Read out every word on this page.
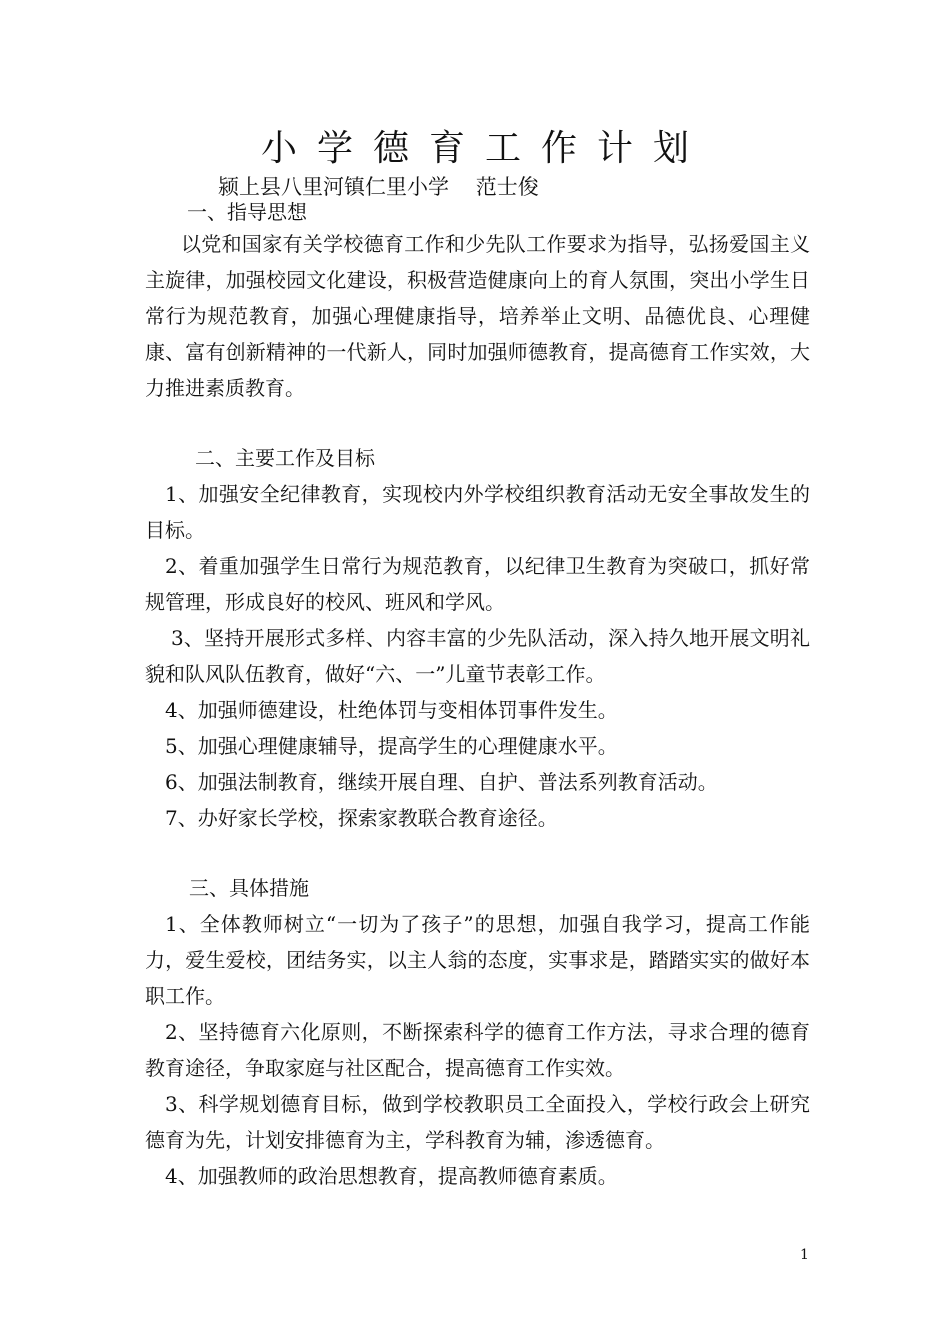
小学德育工作计划
颍上县八里河镇仁里小学    范士俊
一、指导思想

以党和国家有关学校德育工作和少先队工作要求为指导，弘扬爱国主义主旋律，加强校园文化建设，积极营造健康向上的育人氛围，突出小学生日常行为规范教育，加强心理健康指导，培养举止文明、品德优良、心理健康、富有创新精神的一代新人，同时加强师德教育，提高德育工作实效，大力推进素质教育。

二、主要工作及目标

1、加强安全纪律教育，实现校内外学校组织教育活动无安全事故发生的目标。

2、着重加强学生日常行为规范教育，以纪律卫生教育为突破口，抓好常规管理，形成良好的校风、班风和学风。

3、坚持开展形式多样、内容丰富的少先队活动，深入持久地开展文明礼貌和队风队伍教育，做好“六、一”儿童节表彰工作。

4、加强师德建设，杜绝体罚与变相体罚事件发生。

5、加强心理健康辅导，提高学生的心理健康水平。

6、加强法制教育，继续开展自理、自护、普法系列教育活动。

7、办好家长学校，探索家教联合教育途径。

三、具体措施

1、全体教师树立“一切为了孩子”的思想，加强自我学习，提高工作能力，爱生爱校，团结务实，以主人翁的态度，实事求是，踏踏实实的做好本职工作。

2、坚持德育六化原则，不断探索科学的德育工作方法，寻求合理的德育教育途径，争取家庭与社区配合，提高德育工作实效。

3、科学规划德育目标，做到学校教职员工全面投入，学校行政会上研究德育为先，计划安排德育为主，学科教育为辅，渗透德育。

4、加强教师的政治思想教育，提高教师德育素质。

1
